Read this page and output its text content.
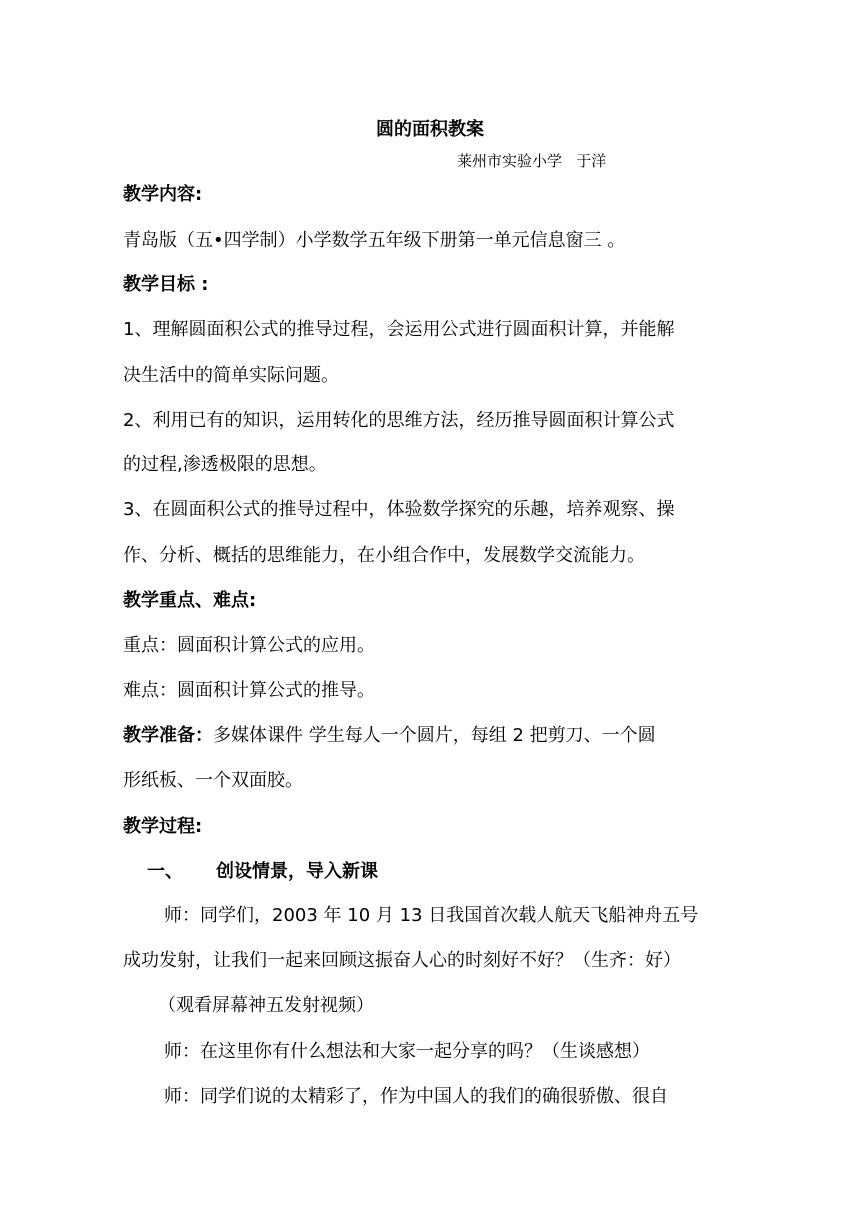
圆的面积教案
莱州市实验小学   于洋
教学内容:
青岛版（五•四学制）小学数学五年级下册第一单元信息窗三 。
教学目标 :
1、理解圆面积公式的推导过程，会运用公式进行圆面积计算，并能解
决生活中的简单实际问题。
2、利用已有的知识，运用转化的思维方法，经历推导圆面积计算公式
的过程,渗透极限的思想。
3、在圆面积公式的推导过程中，体验数学探究的乐趣，培养观察、操
作、分析、概括的思维能力，在小组合作中，发展数学交流能力。
教学重点、难点:
重点：圆面积计算公式的应用。
难点：圆面积计算公式的推导。
教学准备：多媒体课件 学生每人一个圆片，每组 2 把剪刀、一个圆
形纸板、一个双面胶。
教学过程:
一、 创设情景，导入新课
师：同学们，2003 年 10 月 13 日我国首次载人航天飞船神舟五号
成功发射，让我们一起来回顾这振奋人心的时刻好不好？（生齐：好）
（观看屏幕神五发射视频）
师：在这里你有什么想法和大家一起分享的吗？（生谈感想）
师：同学们说的太精彩了，作为中国人的我们的确很骄傲、很自
